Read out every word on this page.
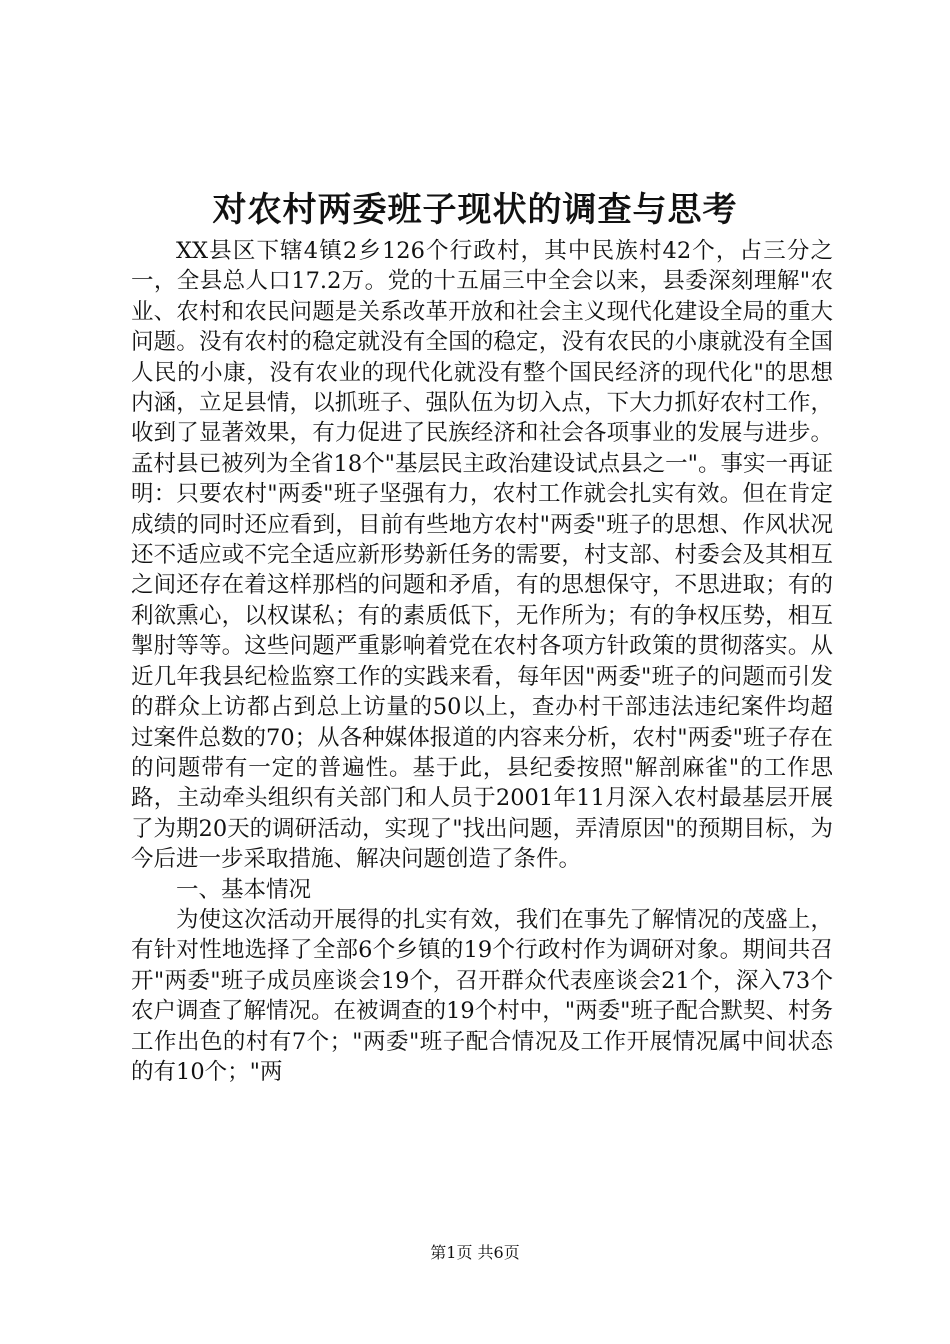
对农村两委班子现状的调查与思考

XX县区下辖4镇2乡126个行政村，其中民族村42个，占三分之一，全县总人口17.2万。党的十五届三中全会以来，县委深刻理解"农业、农村和农民问题是关系改革开放和社会主义现代化建设全局的重大问题。没有农村的稳定就没有全国的稳定，没有农民的小康就没有全国人民的小康，没有农业的现代化就没有整个国民经济的现代化"的思想内涵，立足县情，以抓班子、强队伍为切入点，下大力抓好农村工作，收到了显著效果，有力促进了民族经济和社会各项事业的发展与进步。孟村县已被列为全省18个"基层民主政治建设试点县之一"。事实一再证明：只要农村"两委"班子坚强有力，农村工作就会扎实有效。但在肯定成绩的同时还应看到，目前有些地方农村"两委"班子的思想、作风状况还不适应或不完全适应新形势新任务的需要，村支部、村委会及其相互之间还存在着这样那档的问题和矛盾，有的思想保守，不思进取；有的利欲熏心，以权谋私；有的素质低下，无作所为；有的争权压势，相互掣肘等等。这些问题严重影响着党在农村各项方针政策的贯彻落实。从近几年我县纪检监察工作的实践来看，每年因"两委"班子的问题而引发的群众上访都占到总上访量的50以上，查办村干部违法违纪案件均超过案件总数的70；从各种媒体报道的内容来分析，农村"两委"班子存在的问题带有一定的普遍性。基于此，县纪委按照"解剖麻雀"的工作思路，主动牵头组织有关部门和人员于2001年11月深入农村最基层开展了为期20天的调研活动，实现了"找出问题，弄清原因"的预期目标，为今后进一步采取措施、解决问题创造了条件。

一、基本情况

为使这次活动开展得的扎实有效，我们在事先了解情况的茂盛上，有针对性地选择了全部6个乡镇的19个行政村作为调研对象。期间共召开"两委"班子成员座谈会19个，召开群众代表座谈会21个，深入73个农户调查了解情况。在被调查的19个村中，"两委"班子配合默契、村务工作出色的村有7个；"两委"班子配合情况及工作开展情况属中间状态的有10个；"两

第1页 共6页
